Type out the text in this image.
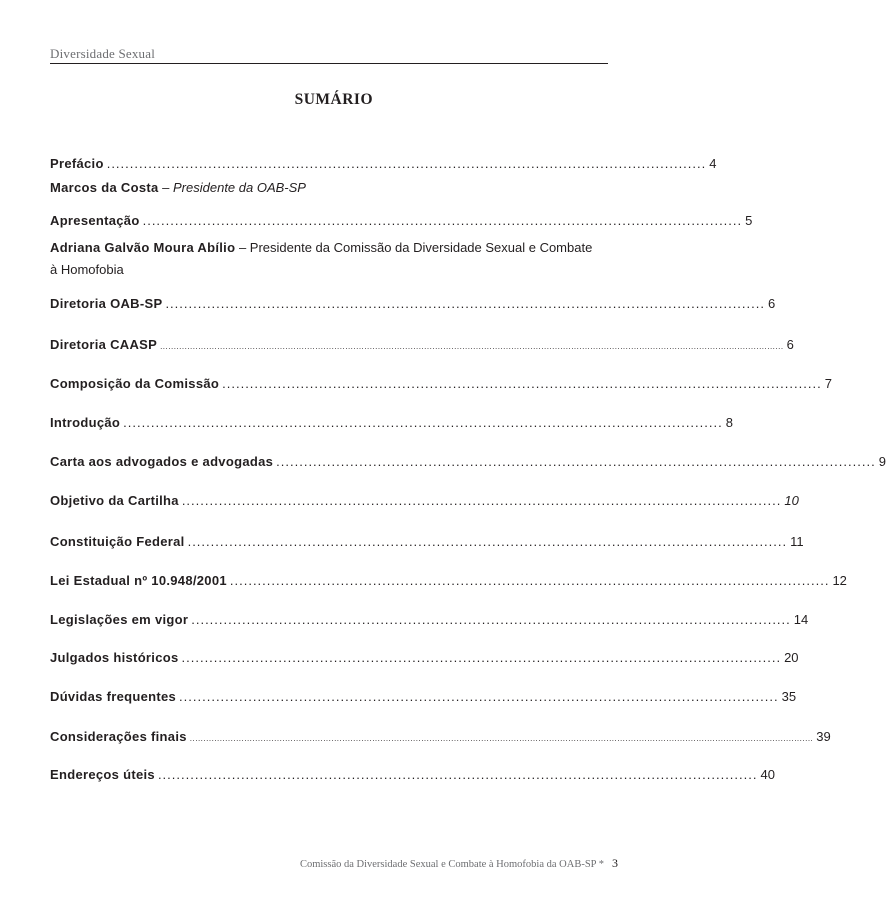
Diversidade Sexual
SUMÁRIO
Prefácio .................................................................................................................................. 4
Marcos da Costa – Presidente da OAB-SP
Apresentação .................................................................................................................................. 5
Adriana Galvão Moura Abílio – Presidente da Comissão da Diversidade Sexual e Combate à Homofobia
Diretoria OAB-SP .................................................................................................................................. 6
Diretoria CAASP ..................................................................................................................................................................................................................................... 6
Composição da Comissão .................................................................................................................................. 7
Introdução .................................................................................................................................. 8
Carta aos advogados e advogadas .................................................................................................................................. 9
Objetivo da Cartilha .................................................................................................................................. 10
Constituição Federal .................................................................................................................................. 11
Lei Estadual nº 10.948/2001 .................................................................................................................................. 12
Legislações em vigor .................................................................................................................................. 14
Julgados históricos .................................................................................................................................. 20
Dúvidas frequentes .................................................................................................................................. 35
Considerações finais ..................................................................................................................................................................................................................................... 39
Endereços úteis .................................................................................................................................. 40
Comissão da Diversidade Sexual e Combate à Homofobia da OAB-SP * 3
